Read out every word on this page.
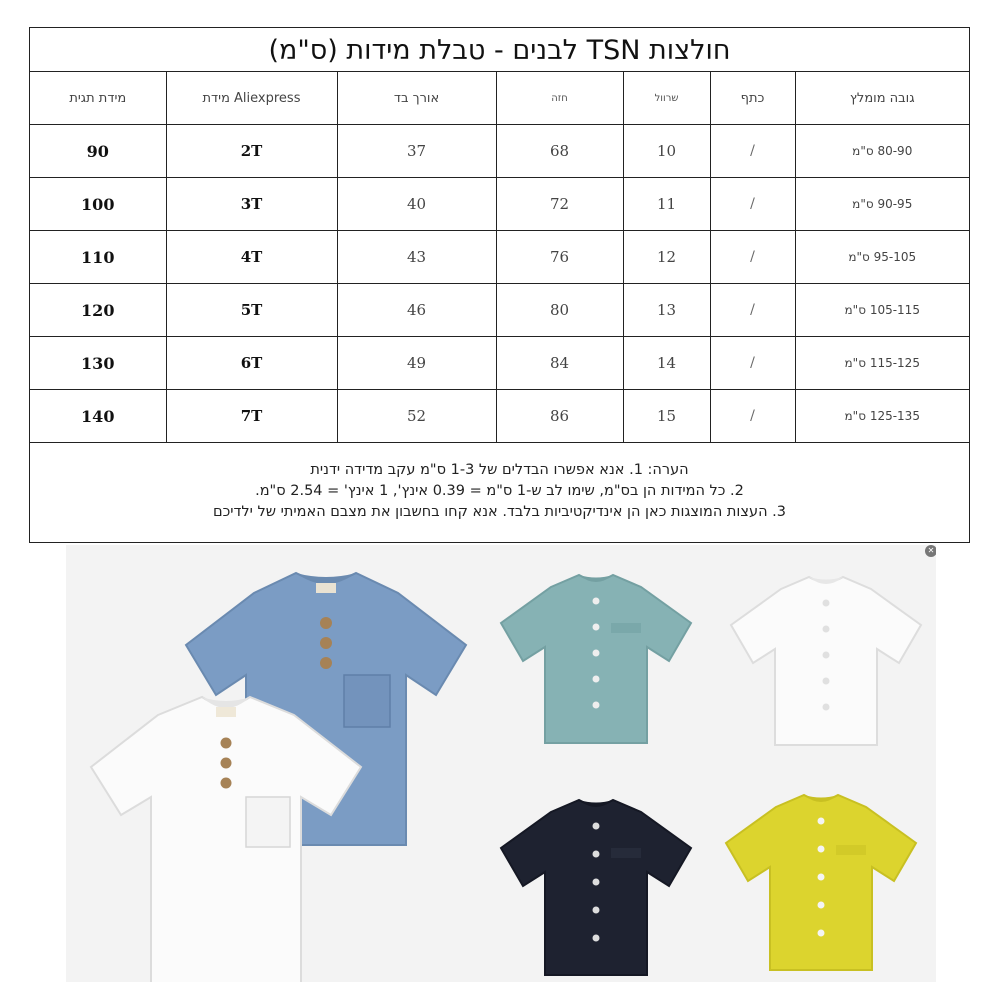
חולצות TSN לבנים - טבלת מידות (ס"מ)
מידת תגית	מידת Aliexpress	אורך בד	חזה	שרוול	כתף	גובה מומלץ
90	2T	37	68	10	/	80-90 ס"מ
100	3T	40	72	11	/	90-95 ס"מ
110	4T	43	76	12	/	95-105 ס"מ
120	5T	46	80	13	/	105-115 ס"מ
130	6T	49	84	14	/	115-125 ס"מ
140	7T	52	86	15	/	125-135 ס"מ
הערה: 1. אנא אפשרו הבדלים של 1-3 ס"מ עקב מדידה ידנית
2. כל המידות הן בס"מ, שימו לב ש-1 ס"מ = 0.39 אינץ', 1 אינץ' = 2.54 ס"מ.
3. העצות המוצגות כאן הן אינדיקטיביות בלבד. אנא קחו בחשבון את מצבם האמיתי של ילדיכם
✕
